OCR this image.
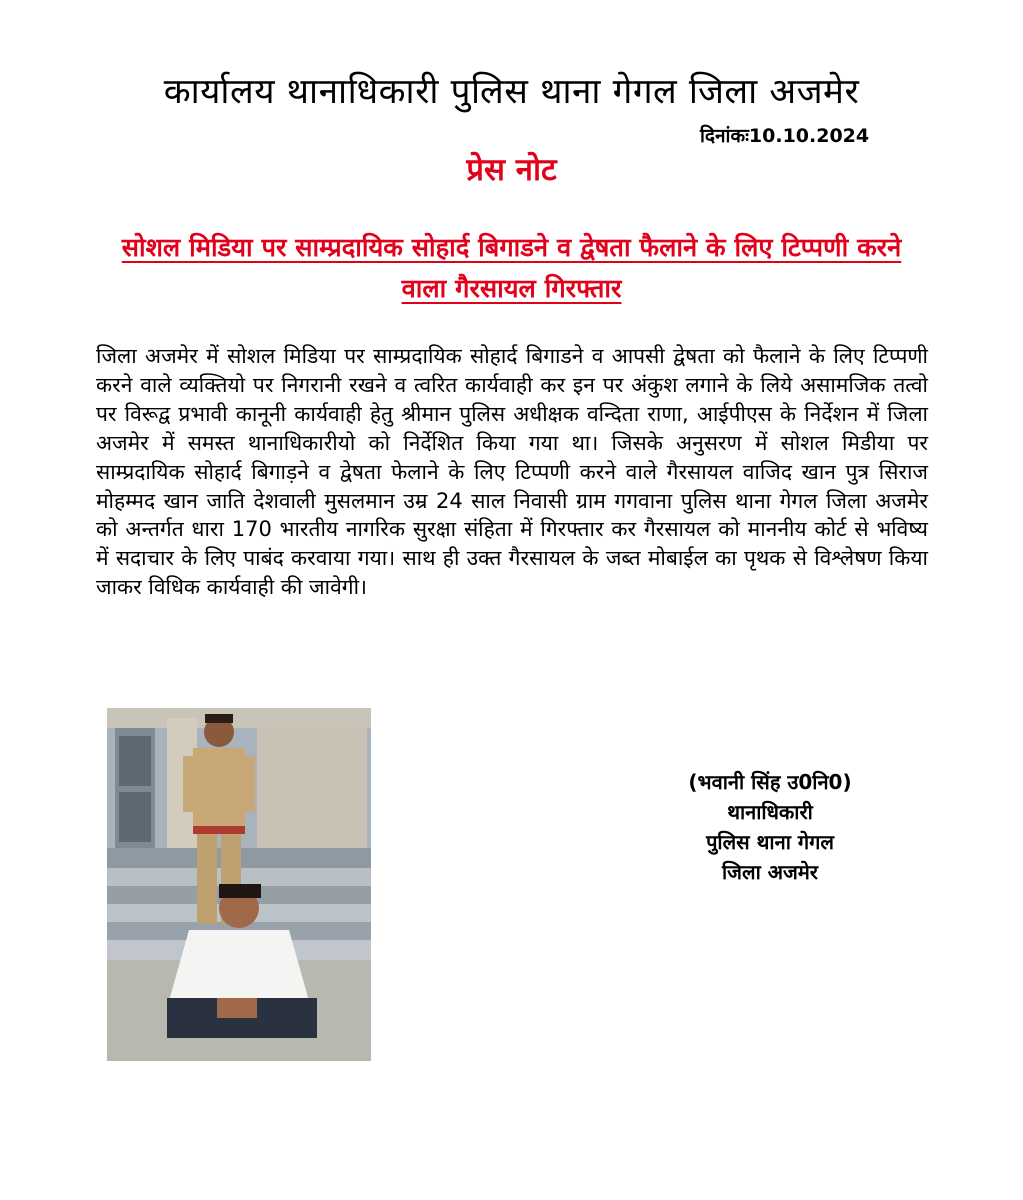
कार्यालय थानाधिकारी पुलिस थाना गेगल जिला अजमेर
दिनांकः10.10.2024
प्रेस नोट
सोशल मिडिया पर साम्प्रदायिक सोहार्द बिगाडने व द्वेषता फैलाने के लिए टिप्पणी करने वाला गैरसायल गिरफ्तार
जिला अजमेर में सोशल मिडिया पर साम्प्रदायिक सोहार्द बिगाडने व आपसी द्वेषता को फैलाने के लिए टिप्पणी करने वाले व्यक्तियो पर निगरानी रखने व त्वरित कार्यवाही कर इन पर अंकुश लगाने के लिये असामजिक तत्वो पर विरूद्व प्रभावी कानूनी कार्यवाही हेतु श्रीमान पुलिस अधीक्षक वन्दिता राणा, आईपीएस के निर्देशन में जिला अजमेर में समस्त थानाधिकारीयो को निर्देशित किया गया था। जिसके अनुसरण में सोशल मिडीया पर साम्प्रदायिक सोहार्द बिगाड़ने व द्वेषता फेलाने के लिए टिप्पणी करने वाले गैरसायल वाजिद खान पुत्र सिराज मोहम्मद खान जाति देशवाली मुसलमान उम्र 24 साल निवासी ग्राम गगवाना पुलिस थाना गेगल जिला अजमेर को अन्तर्गत धारा 170 भारतीय नागरिक सुरक्षा संहिता में गिरफ्तार कर गैरसायल को माननीय कोर्ट से भविष्य में सदाचार के लिए पाबंद करवाया गया। साथ ही उक्त गैरसायल के जब्त मोबाईल का पृथक से विश्लेषण किया जाकर विधिक कार्यवाही की जावेगी।
(भवानी सिंह उ0नि0)
थानाधिकारी
पुलिस थाना गेगल
जिला अजमेर
